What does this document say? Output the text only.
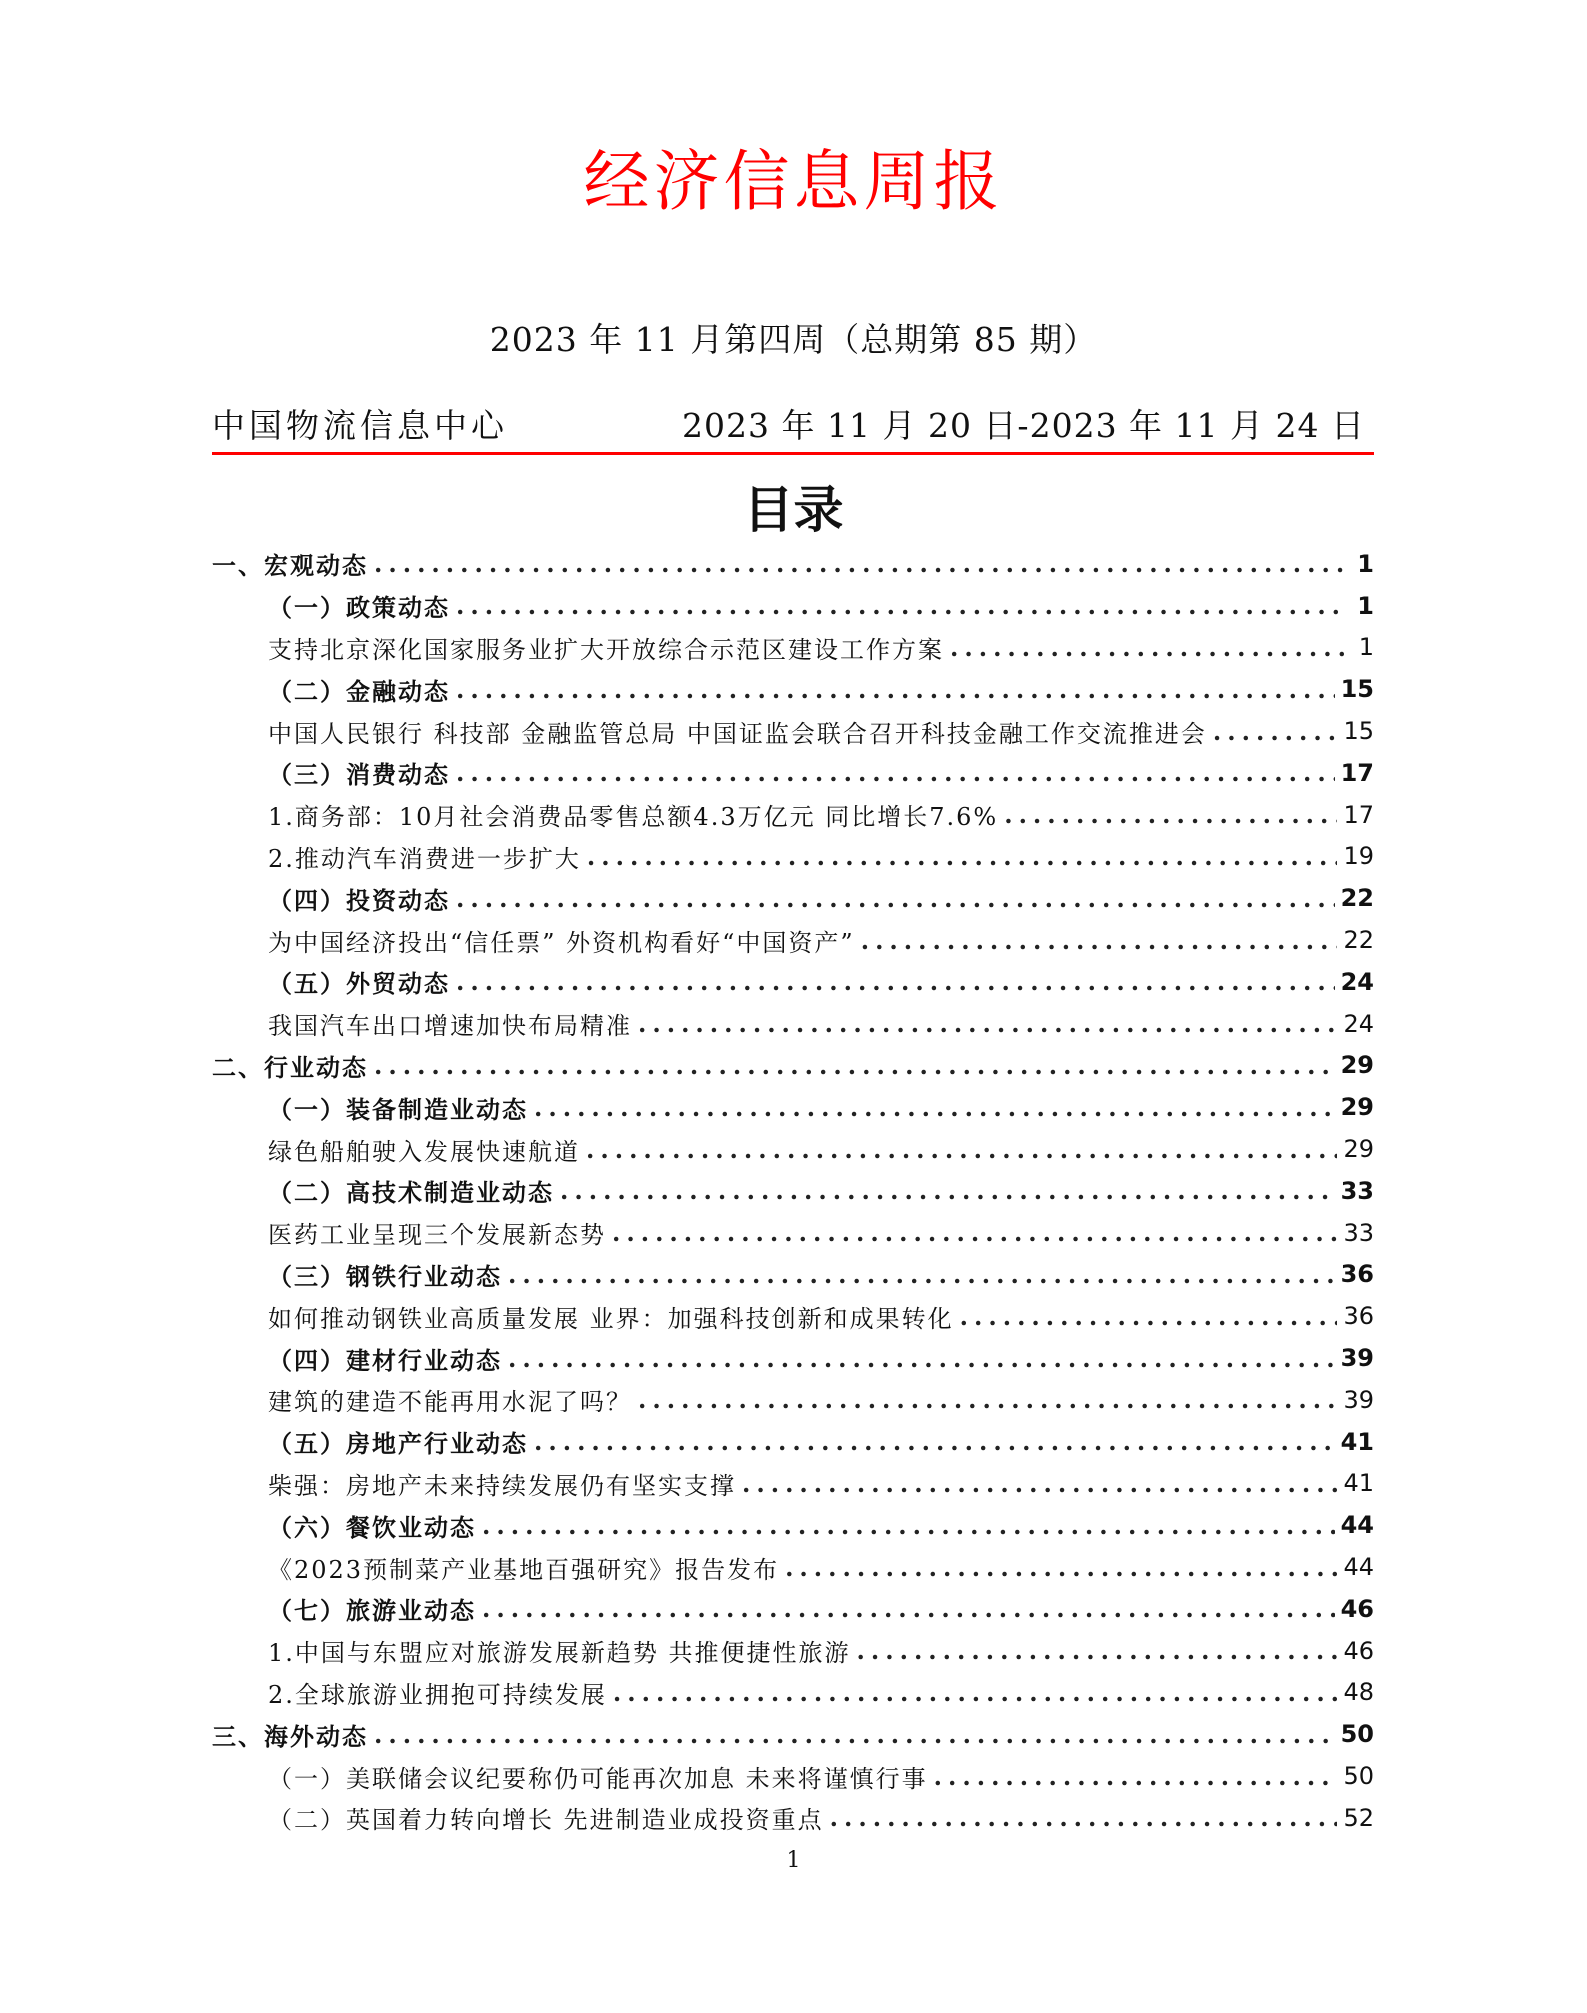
经济信息周报
2023 年 11 月第四周（总期第 85 期）
中国物流信息中心	2023 年 11 月 20 日-2023 年 11 月 24 日
目录
一、宏观动态 .....	1
（一）政策动态 .....	1
支持北京深化国家服务业扩大开放综合示范区建设工作方案 .....	1
（二）金融动态 .....	15
中国人民银行 科技部 金融监管总局 中国证监会联合召开科技金融工作交流推进会 .....	15
（三）消费动态 .....	17
1.商务部：10月社会消费品零售总额4.3万亿元 同比增长7.6% .....	17
2.推动汽车消费进一步扩大 .....	19
（四）投资动态 .....	22
为中国经济投出“信任票” 外资机构看好“中国资产” .....	22
（五）外贸动态 .....	24
我国汽车出口增速加快布局精准 .....	24
二、行业动态 .....	29
（一）装备制造业动态 .....	29
绿色船舶驶入发展快速航道 .....	29
（二）高技术制造业动态 .....	33
医药工业呈现三个发展新态势 .....	33
（三）钢铁行业动态 .....	36
如何推动钢铁业高质量发展 业界：加强科技创新和成果转化 .....	36
（四）建材行业动态 .....	39
建筑的建造不能再用水泥了吗？ .....	39
（五）房地产行业动态 .....	41
柴强：房地产未来持续发展仍有坚实支撑 .....	41
（六）餐饮业动态 .....	44
《2023预制菜产业基地百强研究》报告发布 .....	44
（七）旅游业动态 .....	46
1.中国与东盟应对旅游发展新趋势 共推便捷性旅游 .....	46
2.全球旅游业拥抱可持续发展 .....	48
三、海外动态 .....	50
（一）美联储会议纪要称仍可能再次加息 未来将谨慎行事 .....	50
（二）英国着力转向增长 先进制造业成投资重点 .....	52
1
